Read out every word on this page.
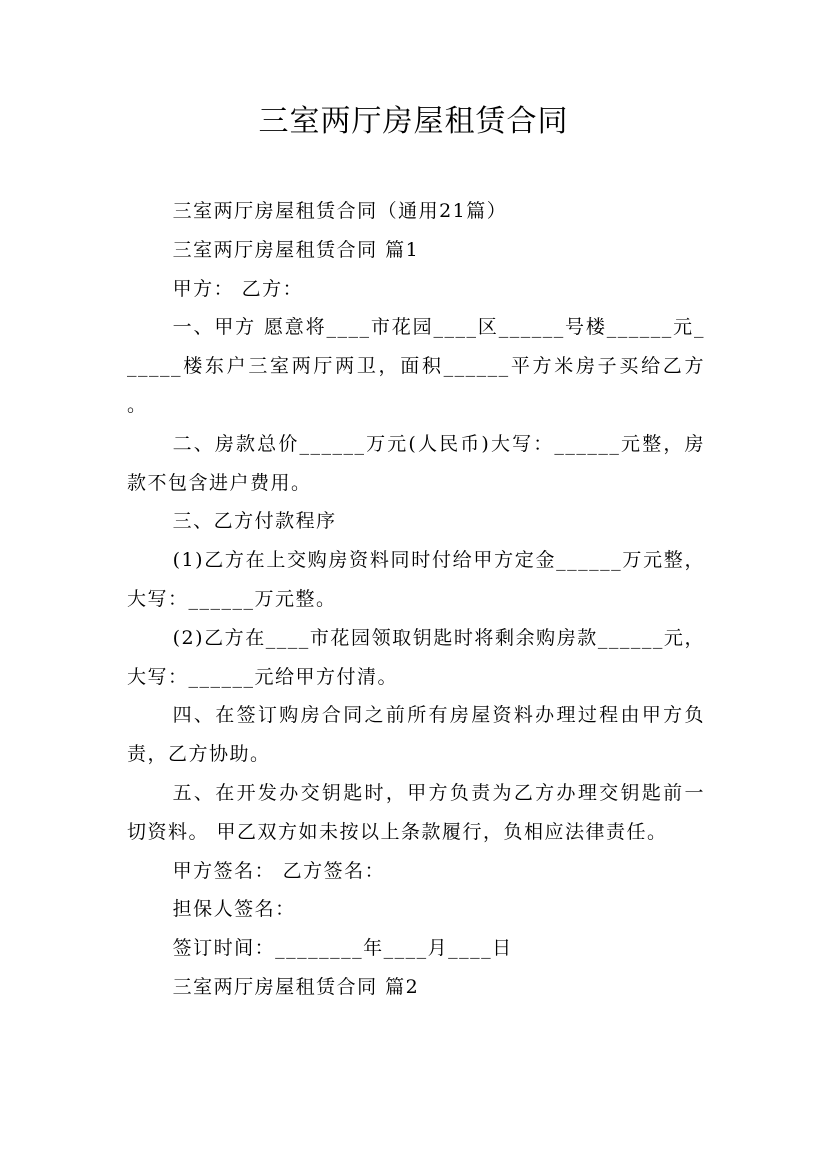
三室两厅房屋租赁合同

三室两厅房屋租赁合同（通用21篇）

三室两厅房屋租赁合同 篇1

甲方： 乙方：

一、甲方 愿意将____市花园____区______号楼______元______楼东户三室两厅两卫，面积______平方米房子买给乙方 。

二、房款总价______万元(人民币)大写：______元整，房款不包含进户费用。

三、乙方付款程序

(1)乙方在上交购房资料同时付给甲方定金______万元整，大写：______万元整。

(2)乙方在____市花园领取钥匙时将剩余购房款______元，大写：______元给甲方付清。

四、在签订购房合同之前所有房屋资料办理过程由甲方负责，乙方协助。

五、在开发办交钥匙时，甲方负责为乙方办理交钥匙前一切资料。 甲乙双方如未按以上条款履行，负相应法律责任。

甲方签名： 乙方签名：

担保人签名：

签订时间：________年____月____日

三室两厅房屋租赁合同 篇2
